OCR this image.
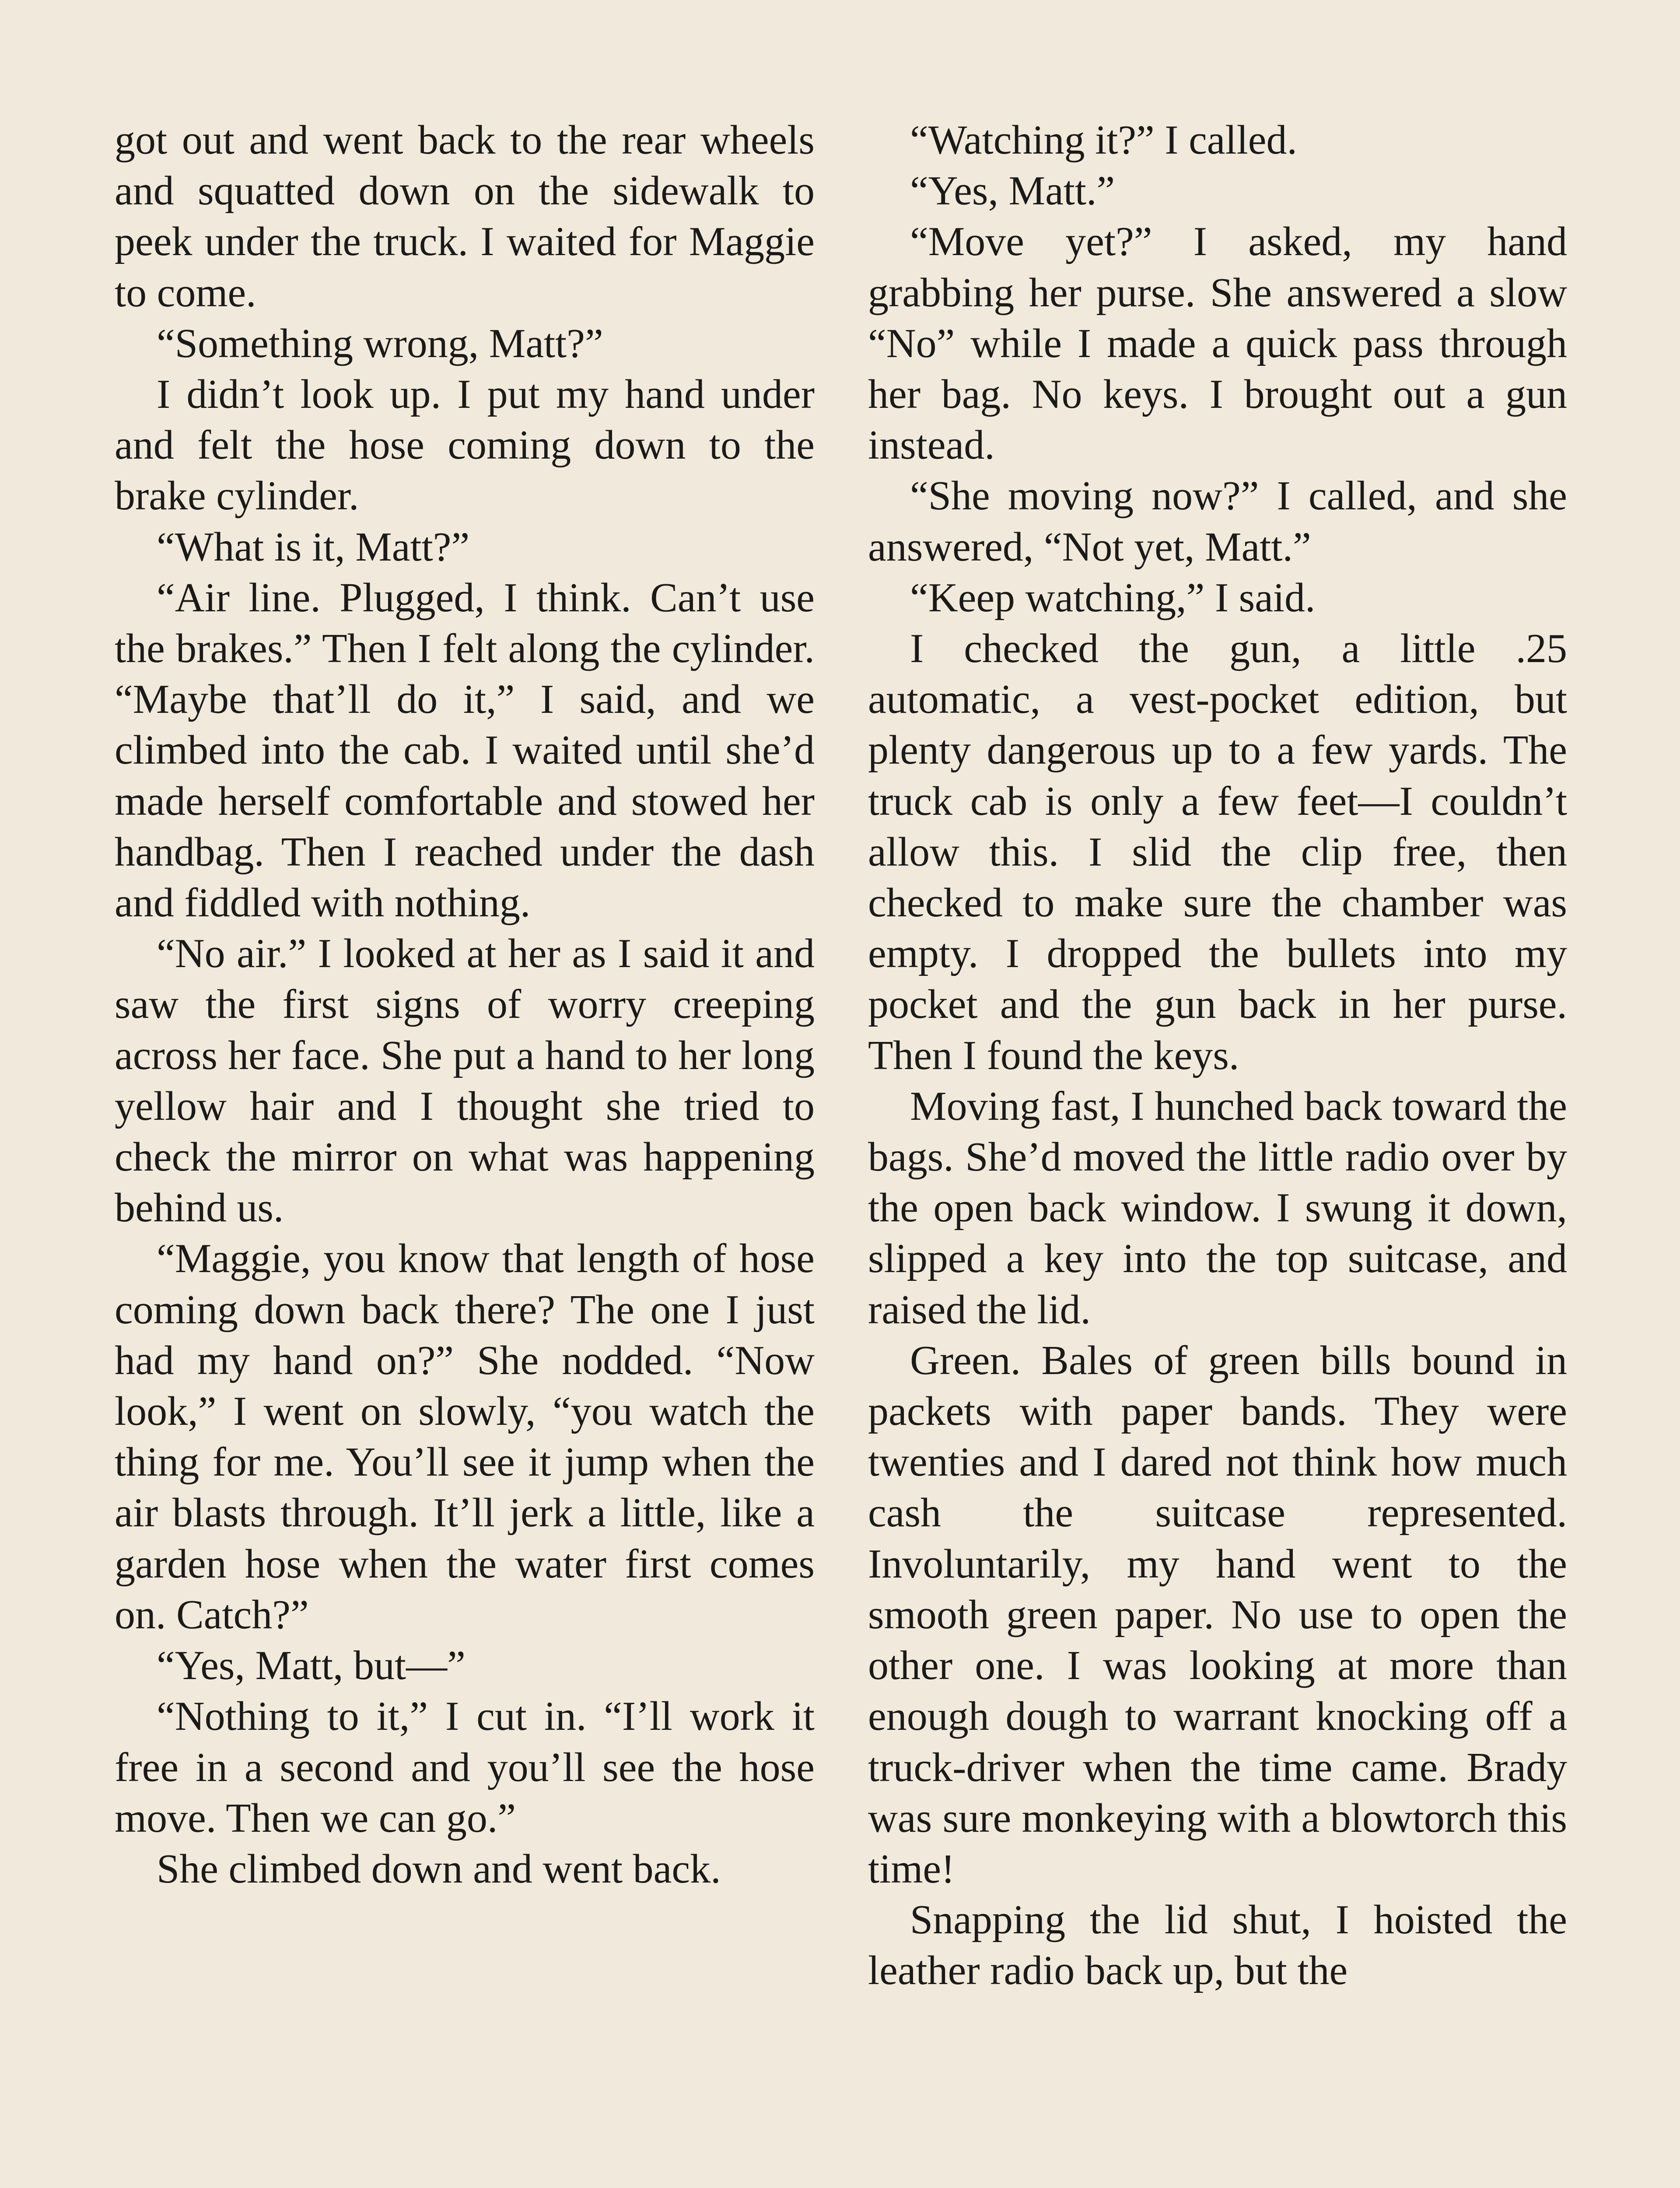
got out and went back to the rear wheels and squatted down on the sidewalk to peek under the truck. I waited for Maggie to come.

“Something wrong, Matt?”

I didn’t look up. I put my hand under and felt the hose coming down to the brake cylinder.

“What is it, Matt?”

“Air line. Plugged, I think. Can’t use the brakes.” Then I felt along the cylinder. “Maybe that’ll do it,” I said, and we climbed into the cab. I waited until she’d made herself comfortable and stowed her handbag. Then I reached under the dash and fiddled with nothing.

“No air.” I looked at her as I said it and saw the first signs of worry creeping across her face. She put a hand to her long yellow hair and I thought she tried to check the mirror on what was happening behind us.

“Maggie, you know that length of hose coming down back there? The one I just had my hand on?” She nodded. “Now look,” I went on slowly, “you watch the thing for me. You’ll see it jump when the air blasts through. It’ll jerk a little, like a garden hose when the water first comes on. Catch?”

“Yes, Matt, but—”

“Nothing to it,” I cut in. “I’ll work it free in a second and you’ll see the hose move. Then we can go.”

She climbed down and went back.

“Watching it?” I called.

“Yes, Matt.”

“Move yet?” I asked, my hand grabbing her purse. She answered a slow “No” while I made a quick pass through her bag. No keys. I brought out a gun instead.

“She moving now?” I called, and she answered, “Not yet, Matt.”

“Keep watching,” I said.

I checked the gun, a little .25 automatic, a vest-pocket edition, but plenty dangerous up to a few yards. The truck cab is only a few feet—I couldn’t allow this. I slid the clip free, then checked to make sure the chamber was empty. I dropped the bullets into my pocket and the gun back in her purse. Then I found the keys.

Moving fast, I hunched back toward the bags. She’d moved the little radio over by the open back window. I swung it down, slipped a key into the top suitcase, and raised the lid.

Green. Bales of green bills bound in packets with paper bands. They were twenties and I dared not think how much cash the suitcase represented. Involuntarily, my hand went to the smooth green paper. No use to open the other one. I was looking at more than enough dough to warrant knocking off a truck-driver when the time came. Brady was sure monkeying with a blowtorch this time!

Snapping the lid shut, I hoisted the leather radio back up, but the
